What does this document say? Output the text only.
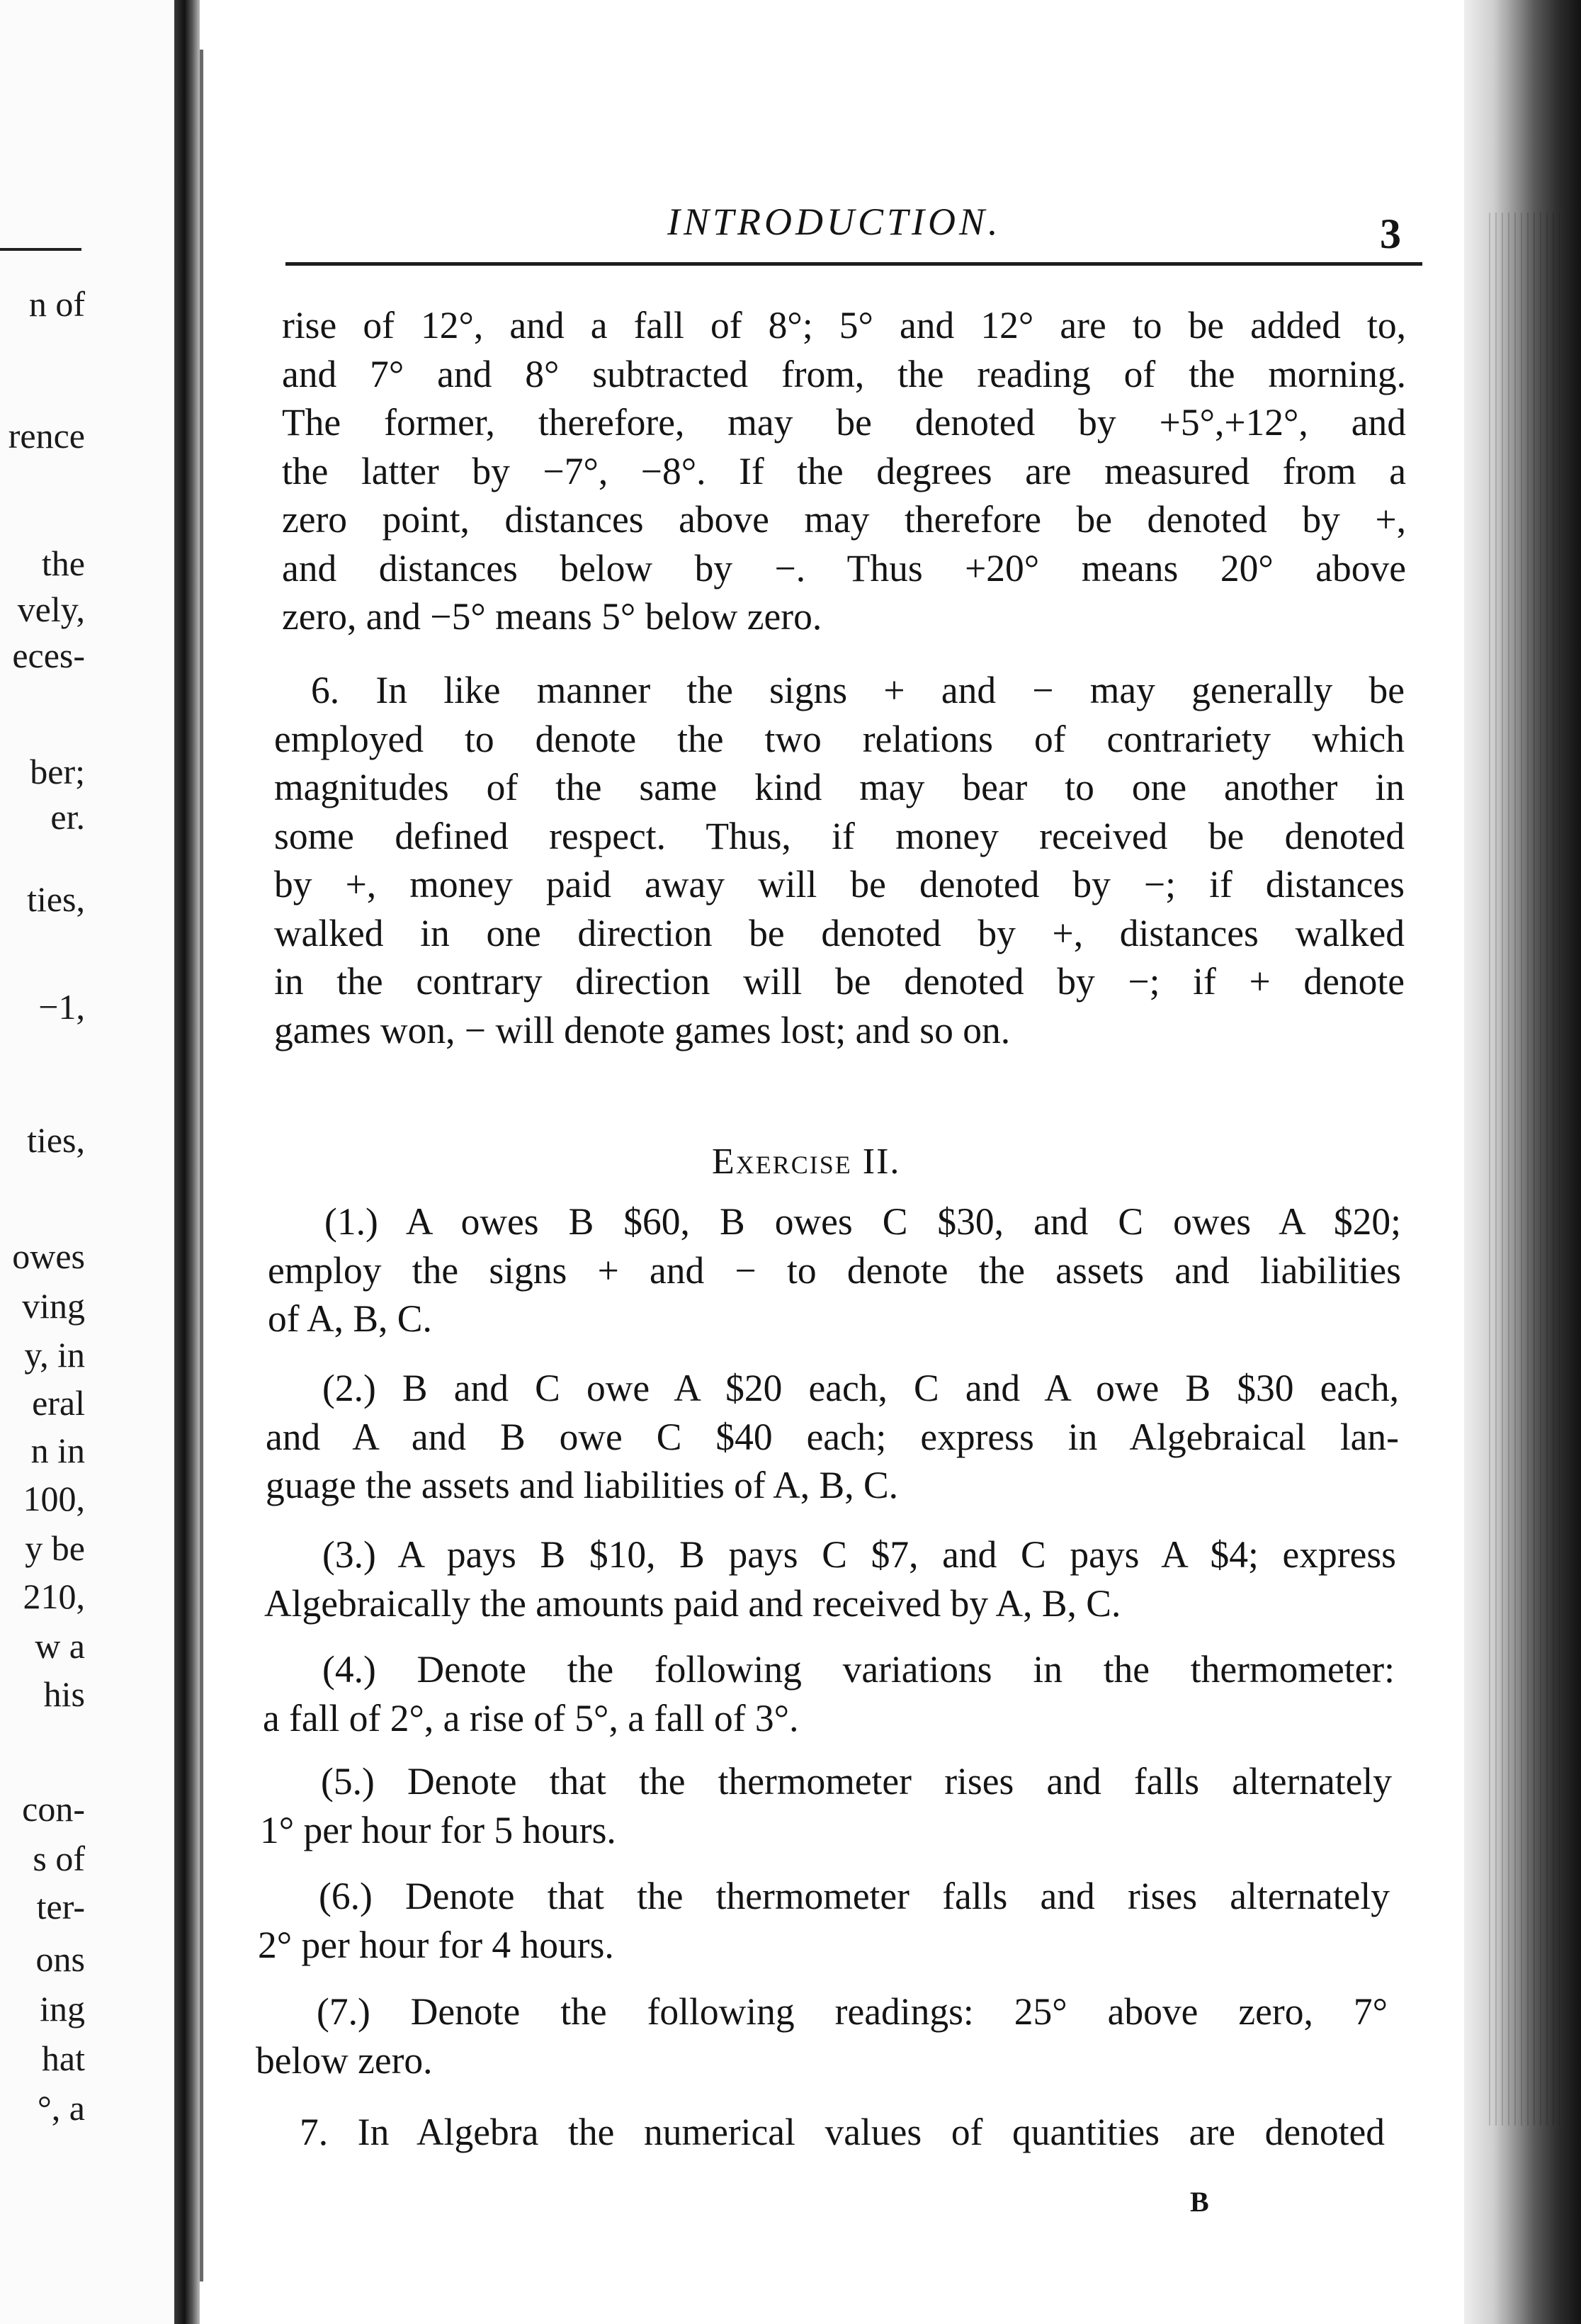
n of
rence
the
vely,
eces-
ber;
er.
ties,
−1,
ties,
owes
ving
y, in
eral
n in
100,
y be
210,
w a
his
con-
s of
ter-
ons
ing
hat
°, a
INTRODUCTION.	3
rise of 12°, and a fall of 8°; 5° and 12° are to be added to,
and 7° and 8° subtracted from, the reading of the morning.
The former, therefore, may be denoted by +5°,+12°, and
the latter by −7°, −8°. If the degrees are measured from a
zero point, distances above may therefore be denoted by +,
and distances below by −. Thus +20° means 20° above
zero, and −5° means 5° below zero.
6. In like manner the signs + and − may generally be
employed to denote the two relations of contrariety which
magnitudes of the same kind may bear to one another in
some defined respect. Thus, if money received be denoted
by +, money paid away will be denoted by −; if distances
walked in one direction be denoted by +, distances walked
in the contrary direction will be denoted by −; if + denote
games won, − will denote games lost; and so on.
Exercise II.
(1.) A owes B $60, B owes C $30, and C owes A $20;
employ the signs + and − to denote the assets and liabilities
of A, B, C.
(2.) B and C owe A $20 each, C and A owe B $30 each,
and A and B owe C $40 each; express in Algebraical lan-
guage the assets and liabilities of A, B, C.
(3.) A pays B $10, B pays C $7, and C pays A $4; express
Algebraically the amounts paid and received by A, B, C.
(4.) Denote the following variations in the thermometer:
a fall of 2°, a rise of 5°, a fall of 3°.
(5.) Denote that the thermometer rises and falls alternately
1° per hour for 5 hours.
(6.) Denote that the thermometer falls and rises alternately
2° per hour for 4 hours.
(7.) Denote the following readings: 25° above zero, 7°
below zero.
7. In Algebra the numerical values of quantities are denoted
B
